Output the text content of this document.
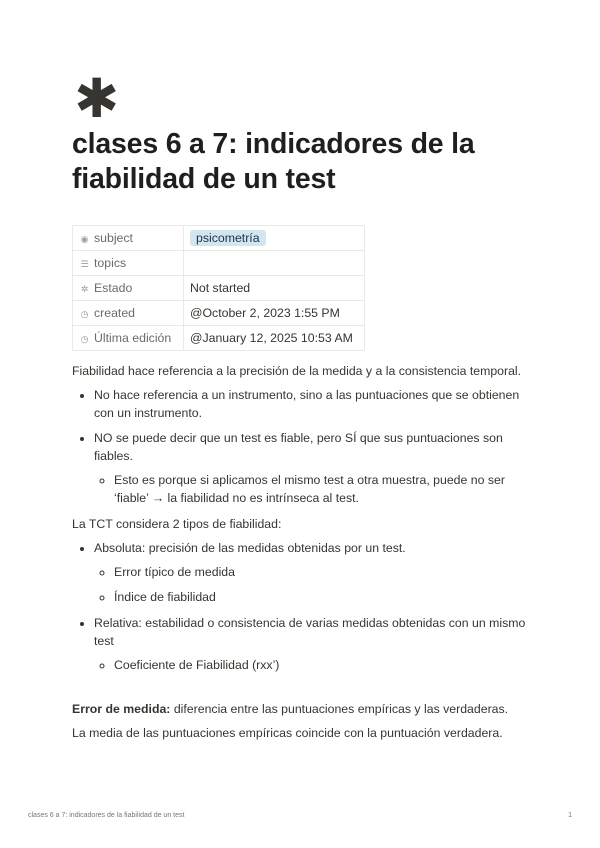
✱
clases 6 a 7: indicadores de la fiabilidad de un test
◉ subject	psicometría
☰ topics	
✲ Estado	Not started
◷ created	@October 2, 2023 1:55 PM
◷ Última edición	@January 12, 2025 10:53 AM

Fiabilidad hace referencia a la precisión de la medida y a la consistencia temporal.

• No hace referencia a un instrumento, sino a las puntuaciones que se obtienen con un instrumento.
• NO se puede decir que un test es fiable, pero SÍ que sus puntuaciones son fiables.
◦ Esto es porque si aplicamos el mismo test a otra muestra, puede no ser ‘fiable’ → la fiabilidad no es intrínseca al test.

La TCT considera 2 tipos de fiabilidad:

• Absoluta: precisión de las medidas obtenidas por un test.
◦ Error típico de medida
◦ Índice de fiabilidad
• Relativa: estabilidad o consistencia de varias medidas obtenidas con un mismo test
◦ Coeficiente de Fiabilidad (rxx’)

Error de medida: diferencia entre las puntuaciones empíricas y las verdaderas.

La media de las puntuaciones empíricas coincide con la puntuación verdadera.

clases 6 a 7: indicadores de la fiabilidad de un test	1
